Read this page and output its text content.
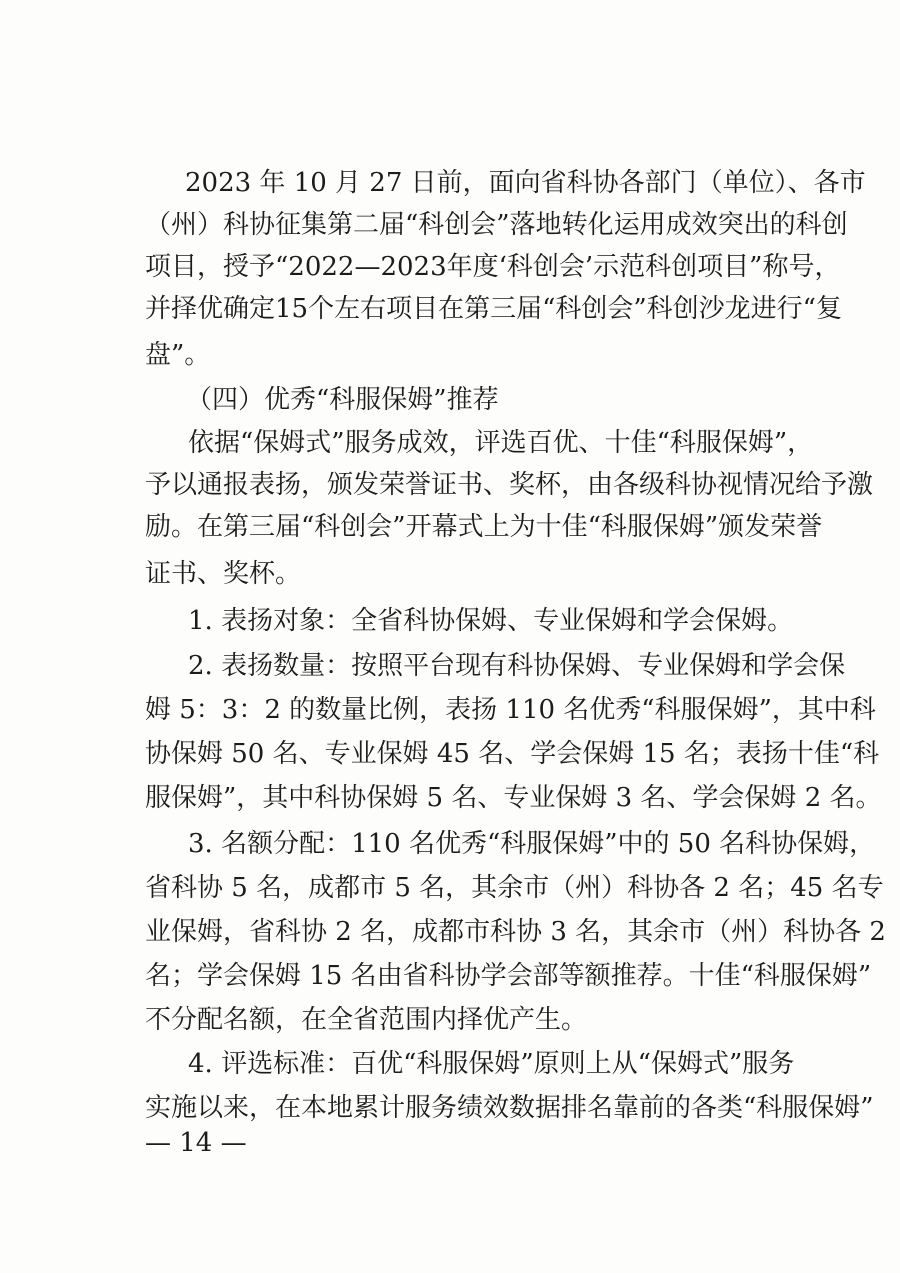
2023 年 10 月 27 日前，面向省科协各部门（单位）、各市

（州）科协征集第二届“科创会”落地转化运用成效突出的科创

项目，授予“2022—2023年度‘科创会’示范科创项目”称号，

并择优确定15个左右项目在第三届“科创会”科创沙龙进行“复

盘”。

（四）优秀“科服保姆”推荐

依据“保姆式”服务成效，评选百优、十佳“科服保姆”，

予以通报表扬，颁发荣誉证书、奖杯，由各级科协视情况给予激

励。在第三届“科创会”开幕式上为十佳“科服保姆”颁发荣誉

证书、奖杯。

1. 表扬对象：全省科协保姆、专业保姆和学会保姆。

2. 表扬数量：按照平台现有科协保姆、专业保姆和学会保

姆 5：3：2 的数量比例，表扬 110 名优秀“科服保姆”，其中科

协保姆 50 名、专业保姆 45 名、学会保姆 15 名；表扬十佳“科

服保姆”，其中科协保姆 5 名、专业保姆 3 名、学会保姆 2 名。

3. 名额分配：110 名优秀“科服保姆”中的 50 名科协保姆，

省科协 5 名，成都市 5 名，其余市（州）科协各 2 名；45 名专

业保姆，省科协 2 名，成都市科协 3 名，其余市（州）科协各 2

名；学会保姆 15 名由省科协学会部等额推荐。十佳“科服保姆”

不分配名额，在全省范围内择优产生。

4. 评选标准：百优“科服保姆”原则上从“保姆式”服务

实施以来，在本地累计服务绩效数据排名靠前的各类“科服保姆”

— 14 —
